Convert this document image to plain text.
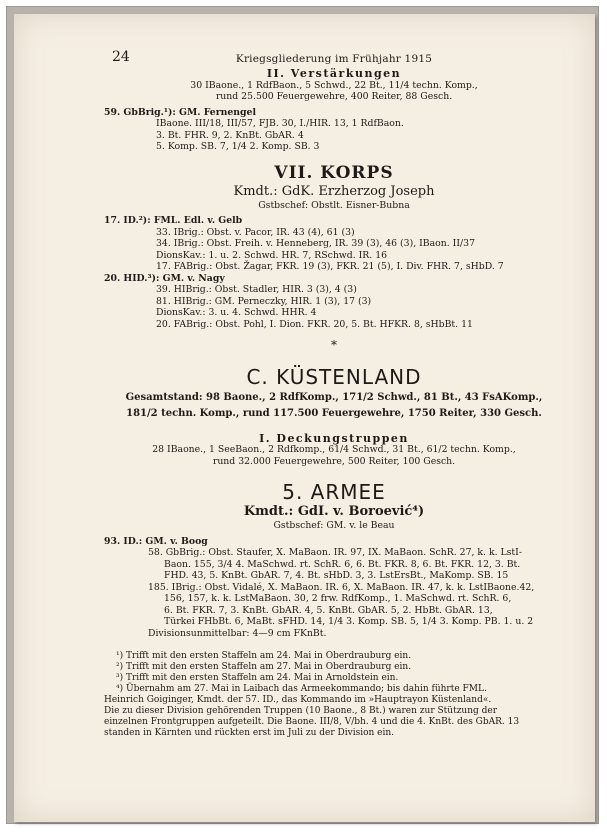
24	Kriegsgliederung im Frühjahr 1915
II. Verstärkungen
30 IBaone., 1 RdfBaon., 5 Schwd., 22 Bt., 11/4 techn. Komp.,
rund 25.500 Feuergewehre, 400 Reiter, 88 Gesch.
59. GbBrig.¹): GM. Fernengel
IBaone. III/18, III/57, FJB. 30, I./HIR. 13, 1 RdfBaon.
3. Bt. FHR. 9, 2. KnBt. GbAR. 4
5. Komp. SB. 7, 1/4 2. Komp. SB. 3
VII. KORPS
Kmdt.: GdK. Erzherzog Joseph
Gstbschef: Obstlt. Eisner-Bubna
17. ID.²): FML. Edl. v. Gelb
33. IBrig.: Obst. v. Pacor, IR. 43 (4), 61 (3)
34. IBrig.: Obst. Freih. v. Henneberg, IR. 39 (3), 46 (3), IBaon. II/37
DionsKav.: 1. u. 2. Schwd. HR. 7, RSchwd. IR. 16
17. FABrig.: Obst. Žagar, FKR. 19 (3), FKR. 21 (5), I. Div. FHR. 7, sHbD. 7
20. HID.³): GM. v. Nagy
39. HIBrig.: Obst. Stadler, HIR. 3 (3), 4 (3)
81. HIBrig.: GM. Perneczky, HIR. 1 (3), 17 (3)
DionsKav.: 3. u. 4. Schwd. HHR. 4
20. FABrig.: Obst. Pohl, I. Dion. FKR. 20, 5. Bt. HFKR. 8, sHbBt. 11
*
C. KÜSTENLAND
Gesamtstand: 98 Baone., 2 RdfKomp., 171/2 Schwd., 81 Bt., 43 FsAKomp.,
181/2 techn. Komp., rund 117.500 Feuergewehre, 1750 Reiter, 330 Gesch.
I. Deckungstruppen
28 IBaone., 1 SeeBaon., 2 Rdfkomp., 61/4 Schwd., 31 Bt., 61/2 techn. Komp.,
rund 32.000 Feuergewehre, 500 Reiter, 100 Gesch.
5. ARMEE
Kmdt.: GdI. v. Boroević⁴)
Gstbschef: GM. v. le Beau
93. ID.: GM. v. Boog
58. GbBrig.: Obst. Staufer, X. MaBaon. IR. 97, IX. MaBaon. SchR. 27, k. k. LstI-
Baon. 155, 3/4 4. MaSchwd. rt. SchR. 6, 6. Bt. FKR. 8, 6. Bt. FKR. 12, 3. Bt.
FHD. 43, 5. KnBt. GbAR. 7, 4. Bt. sHbD. 3, 3. LstErsBt., MaKomp. SB. 15
185. IBrig.: Obst. Vidalé, X. MaBaon. IR. 6, X. MaBaon. IR. 47, k. k. LstIBaone.42,
156, 157, k. k. LstMaBaon. 30, 2 frw. RdfKomp., 1. MaSchwd. rt. SchR. 6,
6. Bt. FKR. 7, 3. KnBt. GbAR. 4, 5. KnBt. GbAR. 5, 2. HbBt. GbAR. 13,
Türkei FHbBt. 6, MaBt. sFHD. 14, 1/4 3. Komp. SB. 5, 1/4 3. Komp. PB. 1. u. 2
Divisionsunmittelbar: 4—9 cm FKnBt.
¹) Trifft mit den ersten Staffeln am 24. Mai in Oberdrauburg ein.
²) Trifft mit den ersten Staffeln am 27. Mai in Oberdrauburg ein.
³) Trifft mit den ersten Staffeln am 24. Mai in Arnoldstein ein.
⁴) Übernahm am 27. Mai in Laibach das Armeekommando; bis dahin führte FML.
Heinrich Goiginger, Kmdt. der 57. ID., das Kommando im »Hauptrayon Küstenland«.
Die zu dieser Division gehörenden Truppen (10 Baone., 8 Bt.) waren zur Stützung der
einzelnen Frontgruppen aufgeteilt. Die Baone. III/8, V/bh. 4 und die 4. KnBt. des GbAR. 13
standen in Kärnten und rückten erst im Juli zu der Division ein.
